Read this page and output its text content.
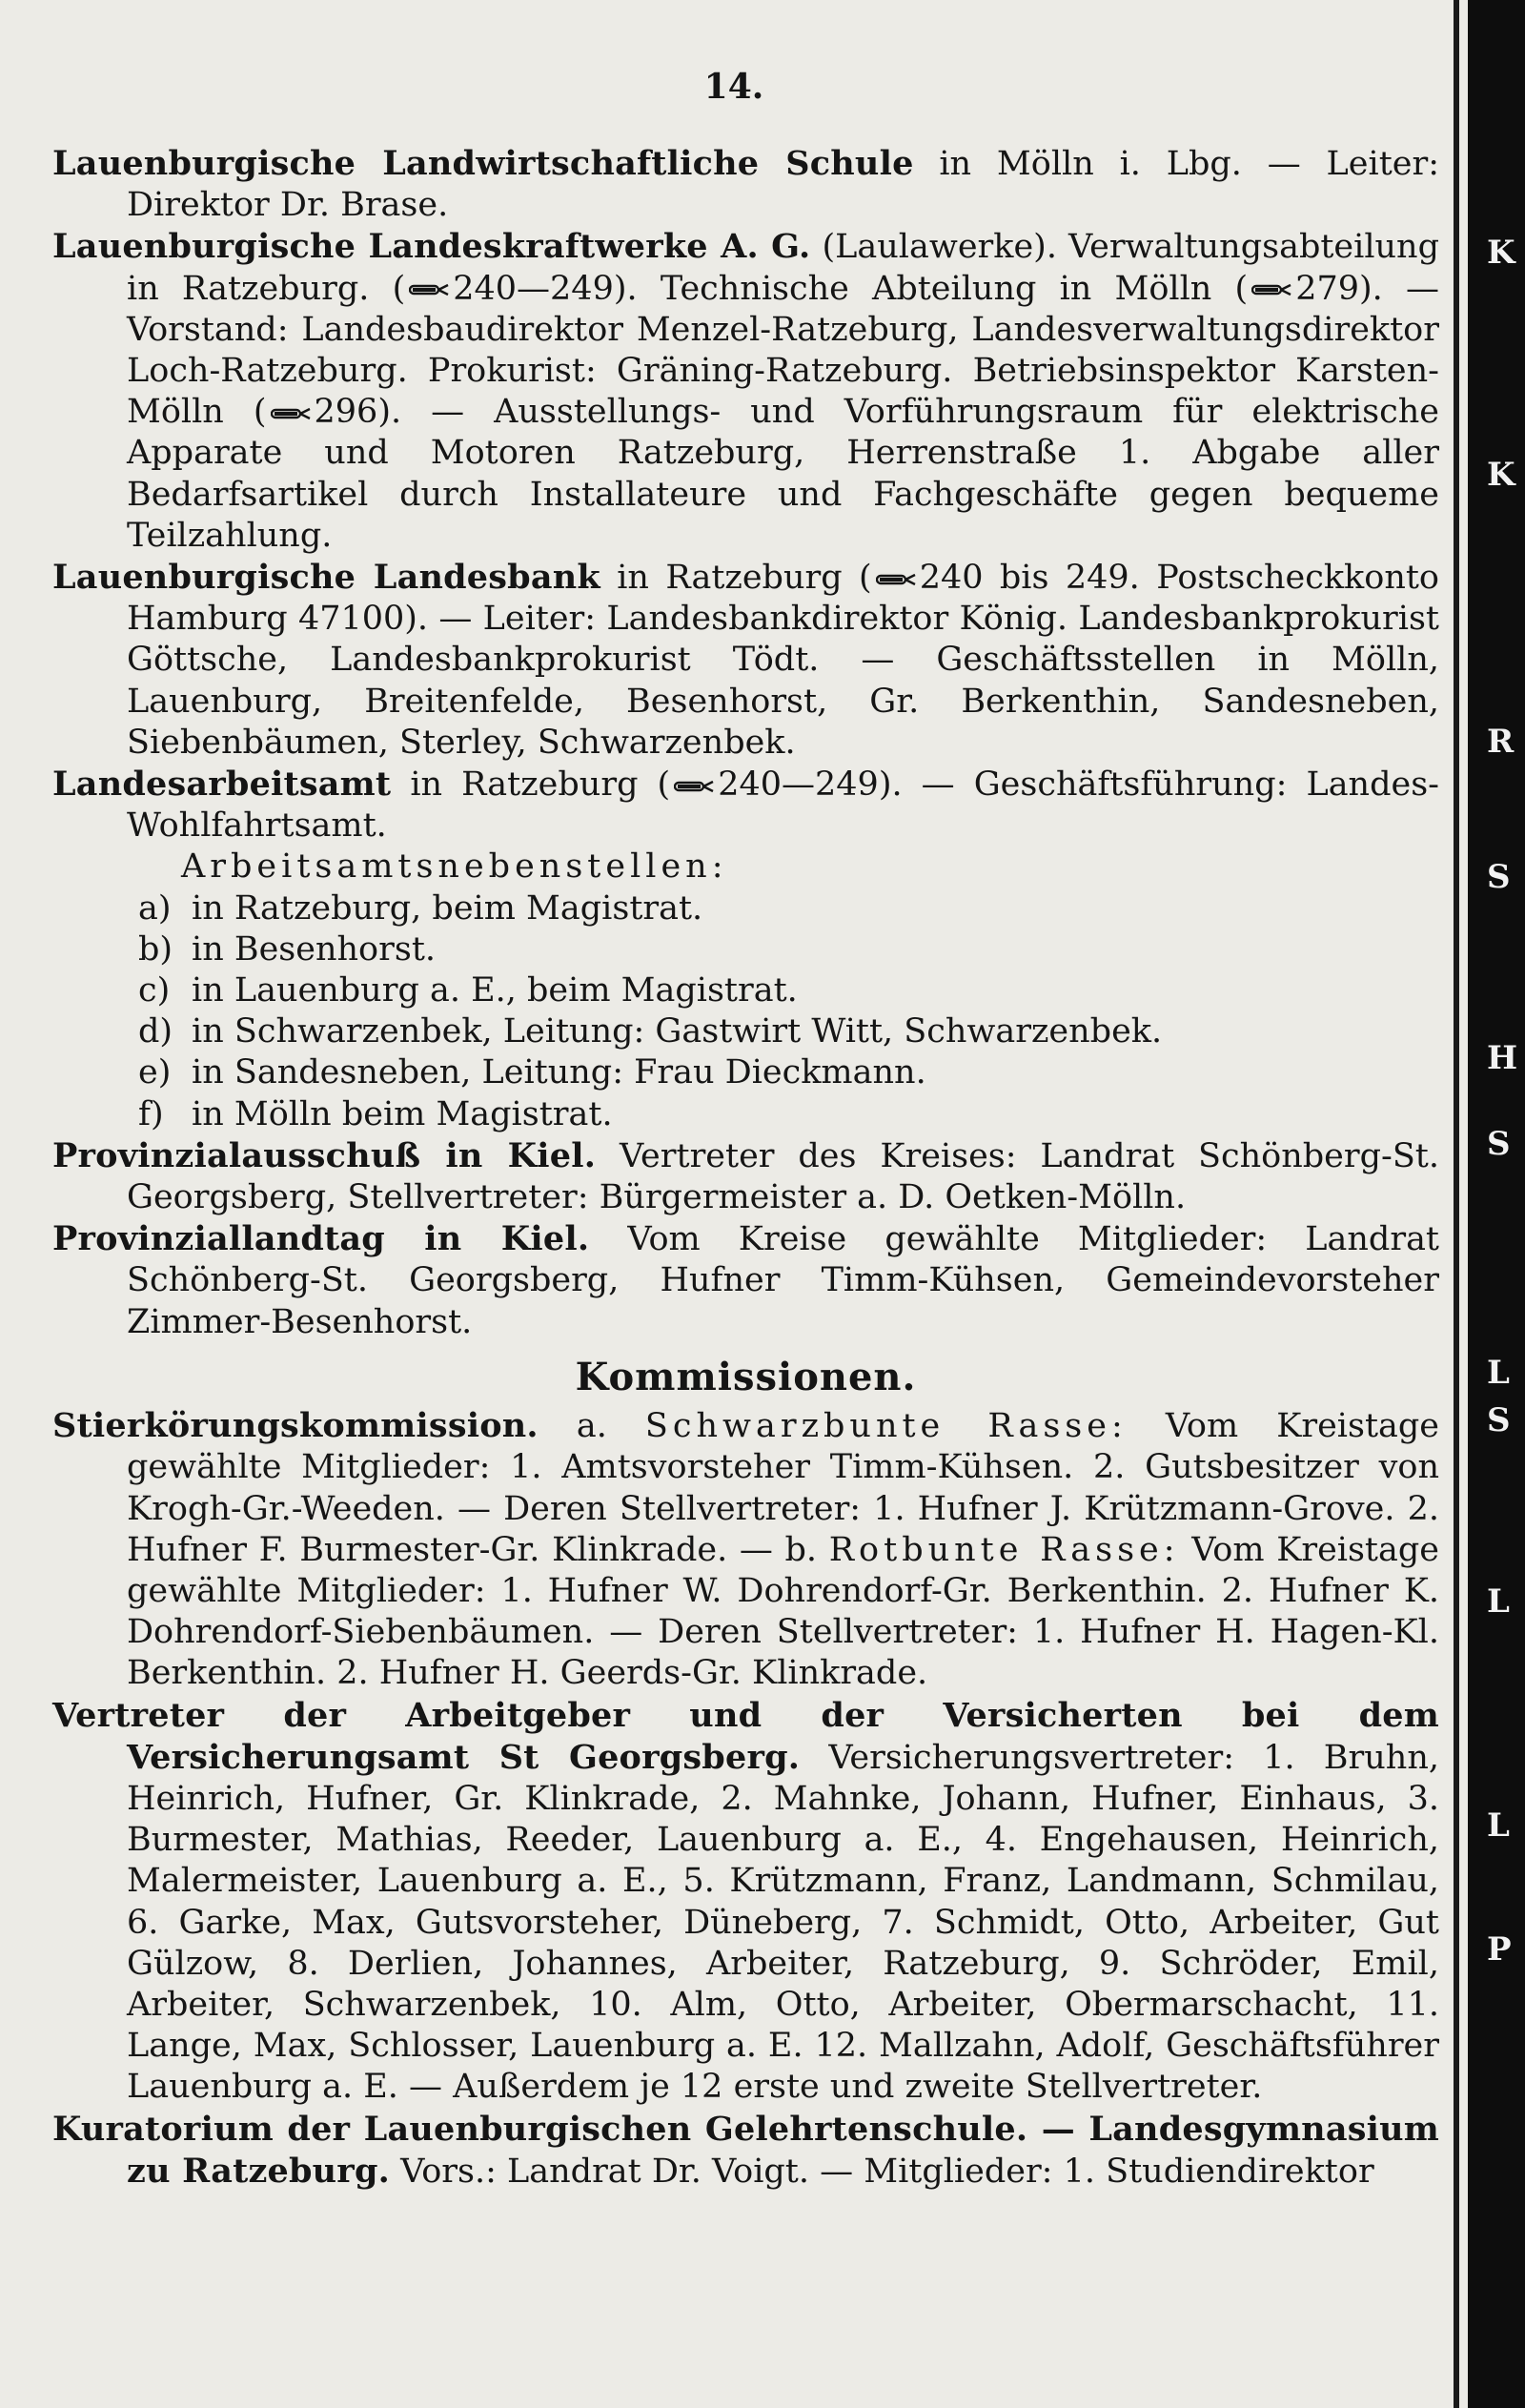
14.

Lauenburgische Landwirtschaftliche Schule in Mölln i. Lbg. — Leiter: Direktor Dr. Brase.

Lauenburgische Landeskraftwerke A. G. (Laulawerke). Verwaltungsabteilung in Ratzeburg. ( 240—249). Technische Abteilung in Mölln ( 279). — Vorstand: Landesbaudirektor Menzel-Ratzeburg, Landesverwaltungsdirektor Loch-Ratzeburg. Prokurist: Gräning-Ratzeburg. Betriebsinspektor Karsten-Mölln ( 296). — Ausstellungs- und Vorführungsraum für elektrische Apparate und Motoren Ratzeburg, Herrenstraße 1. Abgabe aller Bedarfsartikel durch Installateure und Fachgeschäfte gegen bequeme Teilzahlung.

Lauenburgische Landesbank in Ratzeburg ( 240 bis 249. Postscheckkonto Hamburg 47100). — Leiter: Landesbankdirektor König. Landesbankprokurist Göttsche, Landesbankprokurist Tödt. — Geschäftsstellen in Mölln, Lauenburg, Breitenfelde, Besenhorst, Gr. Berkenthin, Sandesneben, Siebenbäumen, Sterley, Schwarzenbek.

Landesarbeitsamt in Ratzeburg ( 240—249). — Geschäftsführung: Landes-Wohlfahrtsamt.

Arbeitsamtsnebenstellen:

a) in Ratzeburg, beim Magistrat.

b) in Besenhorst.

c) in Lauenburg a. E., beim Magistrat.

d) in Schwarzenbek, Leitung: Gastwirt Witt, Schwarzenbek.

e) in Sandesneben, Leitung: Frau Dieckmann.

f) in Mölln beim Magistrat.

Provinzialausschuß in Kiel. Vertreter des Kreises: Landrat Schönberg-St. Georgsberg, Stellvertreter: Bürgermeister a. D. Oetken-Mölln.

Provinziallandtag in Kiel. Vom Kreise gewählte Mitglieder: Landrat Schönberg-St. Georgsberg, Hufner Timm-Kühsen, Gemeindevorsteher Zimmer-Besenhorst.

Kommissionen.

Stierkörungskommission. a. Schwarzbunte Rasse: Vom Kreistage gewählte Mitglieder: 1. Amtsvorsteher Timm-Kühsen. 2. Gutsbesitzer von Krogh-Gr.-Weeden. — Deren Stellvertreter: 1. Hufner J. Krützmann-Grove. 2. Hufner F. Burmester-Gr. Klinkrade. — b. Rotbunte Rasse: Vom Kreistage gewählte Mitglieder: 1. Hufner W. Dohrendorf-Gr. Berkenthin. 2. Hufner K. Dohrendorf-Siebenbäumen. — Deren Stellvertreter: 1. Hufner H. Hagen-Kl. Berkenthin. 2. Hufner H. Geerds-Gr. Klinkrade.

Vertreter der Arbeitgeber und der Versicherten bei dem Versicherungsamt St Georgsberg. Versicherungsvertreter: 1. Bruhn, Heinrich, Hufner, Gr. Klinkrade, 2. Mahnke, Johann, Hufner, Einhaus, 3. Burmester, Mathias, Reeder, Lauenburg a. E., 4. Engehausen, Heinrich, Malermeister, Lauenburg a. E., 5. Krützmann, Franz, Landmann, Schmilau, 6. Garke, Max, Gutsvorsteher, Düneberg, 7. Schmidt, Otto, Arbeiter, Gut Gülzow, 8. Derlien, Johannes, Arbeiter, Ratzeburg, 9. Schröder, Emil, Arbeiter, Schwarzenbek, 10. Alm, Otto, Arbeiter, Obermarschacht, 11. Lange, Max, Schlosser, Lauenburg a. E. 12. Mallzahn, Adolf, Geschäftsführer Lauenburg a. E. — Außerdem je 12 erste und zweite Stellvertreter.

Kuratorium der Lauenburgischen Gelehrtenschule. — Landesgymnasium zu Ratzeburg. Vors.: Landrat Dr. Voigt. — Mitglieder: 1. Studiendirektor

K
K
R
S
H
S
L
S
L
L
P
